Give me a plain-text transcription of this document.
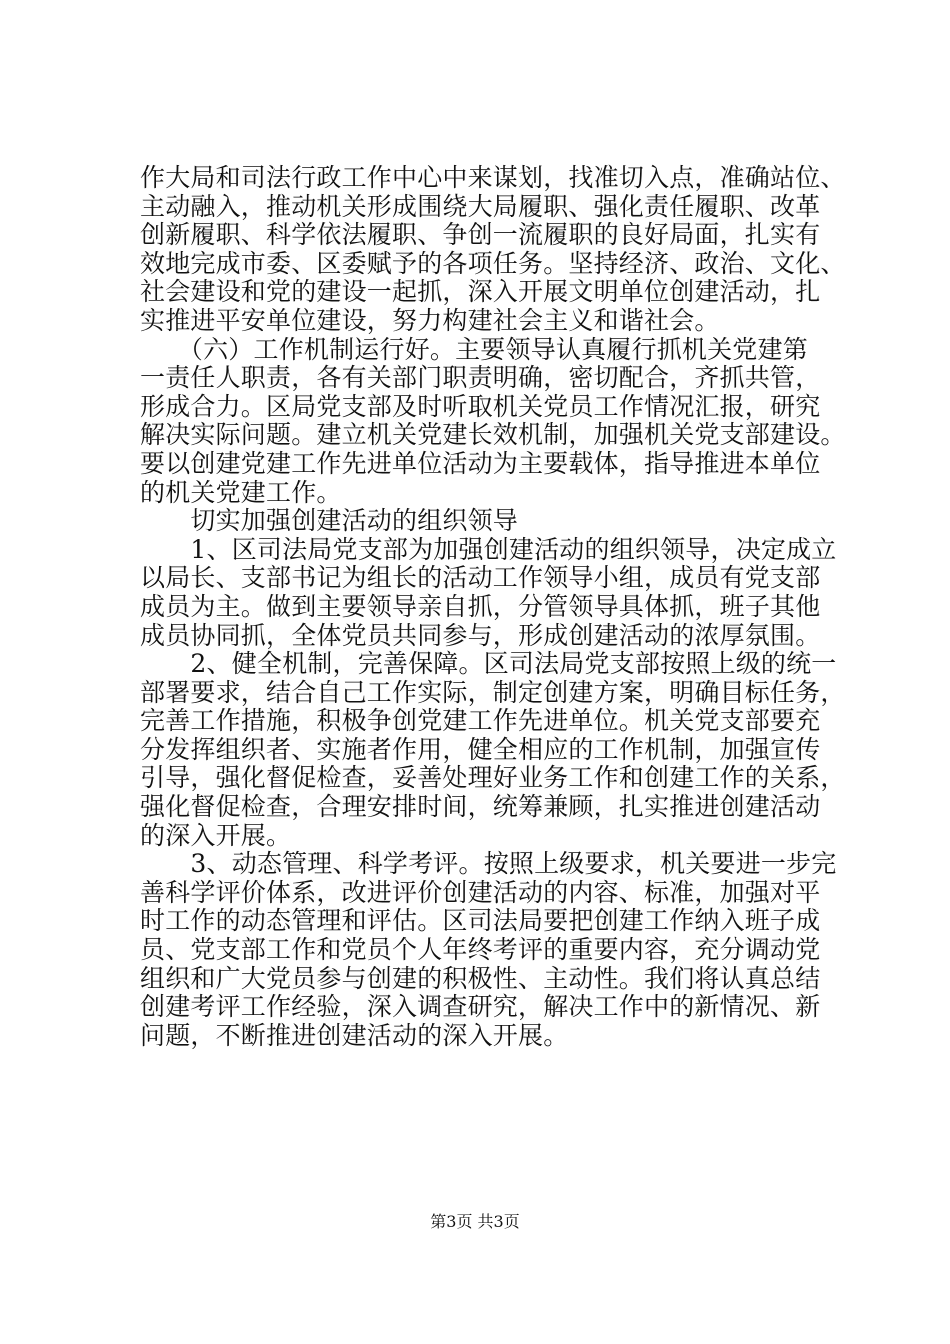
作大局和司法行政工作中心中来谋划，找准切入点，准确站位、
主动融入，推动机关形成围绕大局履职、强化责任履职、改革
创新履职、科学依法履职、争创一流履职的良好局面，扎实有
效地完成市委、区委赋予的各项任务。坚持经济、政治、文化、
社会建设和党的建设一起抓，深入开展文明单位创建活动，扎
实推进平安单位建设，努力构建社会主义和谐社会。
　　（六）工作机制运行好。主要领导认真履行抓机关党建第
一责任人职责，各有关部门职责明确，密切配合，齐抓共管，
形成合力。区局党支部及时听取机关党员工作情况汇报，研究
解决实际问题。建立机关党建长效机制，加强机关党支部建设。
要以创建党建工作先进单位活动为主要载体，指导推进本单位
的机关党建工作。
　　切实加强创建活动的组织领导
　　1、区司法局党支部为加强创建活动的组织领导，决定成立
以局长、支部书记为组长的活动工作领导小组，成员有党支部
成员为主。做到主要领导亲自抓，分管领导具体抓，班子其他
成员协同抓，全体党员共同参与，形成创建活动的浓厚氛围。
　　2、健全机制，完善保障。区司法局党支部按照上级的统一
部署要求，结合自己工作实际，制定创建方案，明确目标任务，
完善工作措施，积极争创党建工作先进单位。机关党支部要充
分发挥组织者、实施者作用，健全相应的工作机制，加强宣传
引导，强化督促检查，妥善处理好业务工作和创建工作的关系，
强化督促检查，合理安排时间，统筹兼顾，扎实推进创建活动
的深入开展。
　　3、动态管理、科学考评。按照上级要求，机关要进一步完
善科学评价体系，改进评价创建活动的内容、标准，加强对平
时工作的动态管理和评估。区司法局要把创建工作纳入班子成
员、党支部工作和党员个人年终考评的重要内容，充分调动党
组织和广大党员参与创建的积极性、主动性。我们将认真总结
创建考评工作经验，深入调查研究，解决工作中的新情况、新
问题，不断推进创建活动的深入开展。
第3页 共3页
